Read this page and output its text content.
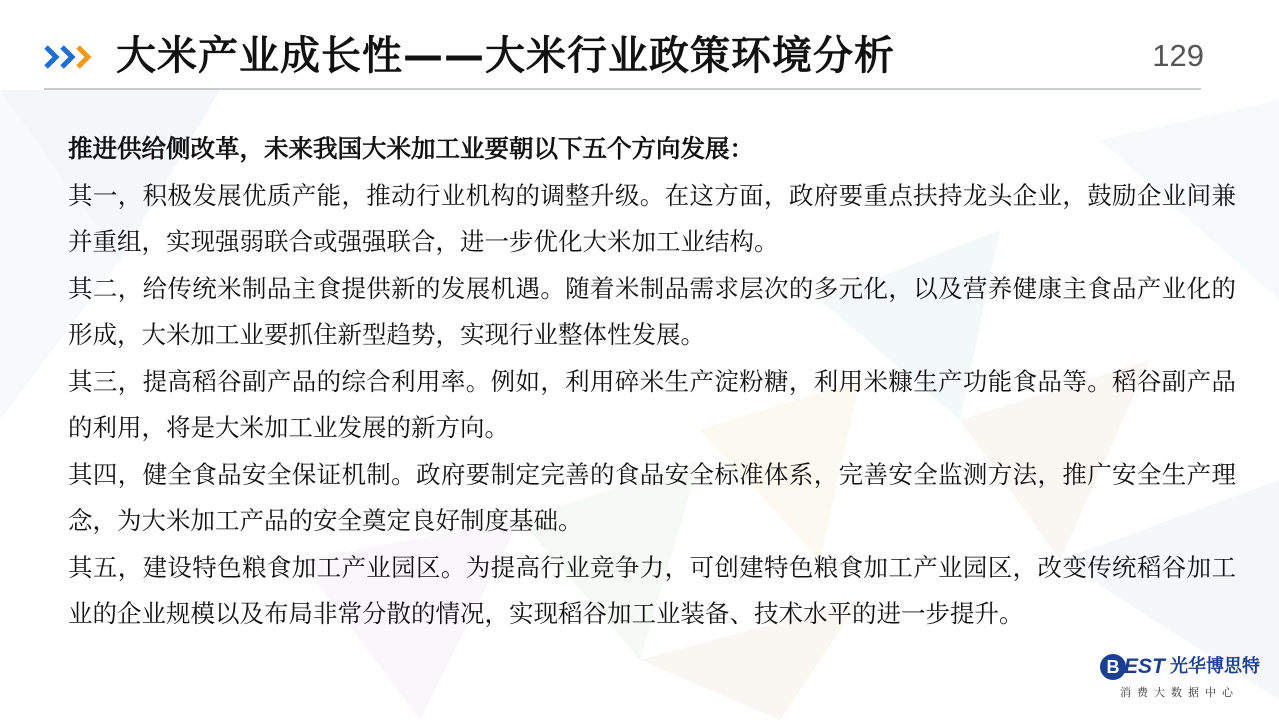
大米产业成长性——大米行业政策环境分析	129

推进供给侧改革，未来我国大米加工业要朝以下五个方向发展：

其一，积极发展优质产能，推动行业机构的调整升级。在这方面，政府要重点扶持龙头企业，鼓励企业间兼并重组，实现强弱联合或强强联合，进一步优化大米加工业结构。

其二，给传统米制品主食提供新的发展机遇。随着米制品需求层次的多元化，以及营养健康主食品产业化的形成，大米加工业要抓住新型趋势，实现行业整体性发展。

其三，提高稻谷副产品的综合利用率。例如，利用碎米生产淀粉糖，利用米糠生产功能食品等。稻谷副产品的利用，将是大米加工业发展的新方向。

其四，健全食品安全保证机制。政府要制定完善的食品安全标准体系，完善安全监测方法，推广安全生产理念，为大米加工产品的安全奠定良好制度基础。

其五，建设特色粮食加工产业园区。为提高行业竞争力，可创建特色粮食加工产业园区，改变传统稻谷加工业的企业规模以及布局非常分散的情况，实现稻谷加工业装备、技术水平的进一步提升。

B EST 光华博思特
消费大数据中心
